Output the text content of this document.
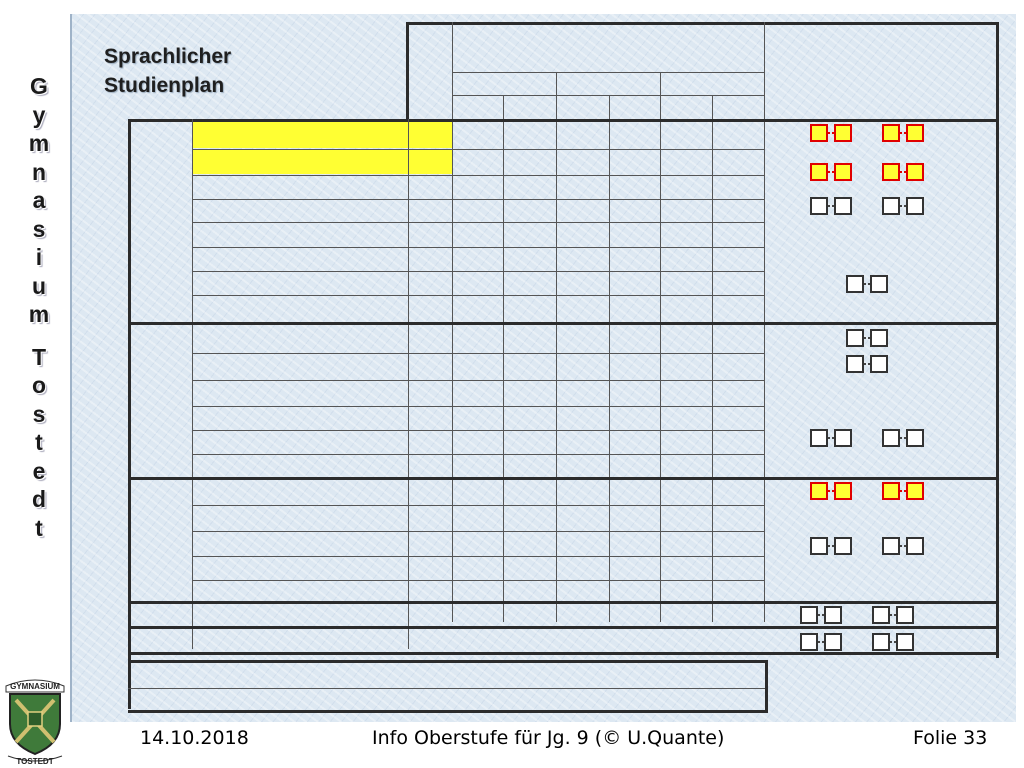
G
y
m
n
a
s
i
u
m
T
o
s
t
e
d
t
GYMNASIUM
TOSTEDT
Sprachlicher
Studienplan
14.10.2018	Info Oberstufe für Jg. 9 (© U.Quante)	Folie 33
